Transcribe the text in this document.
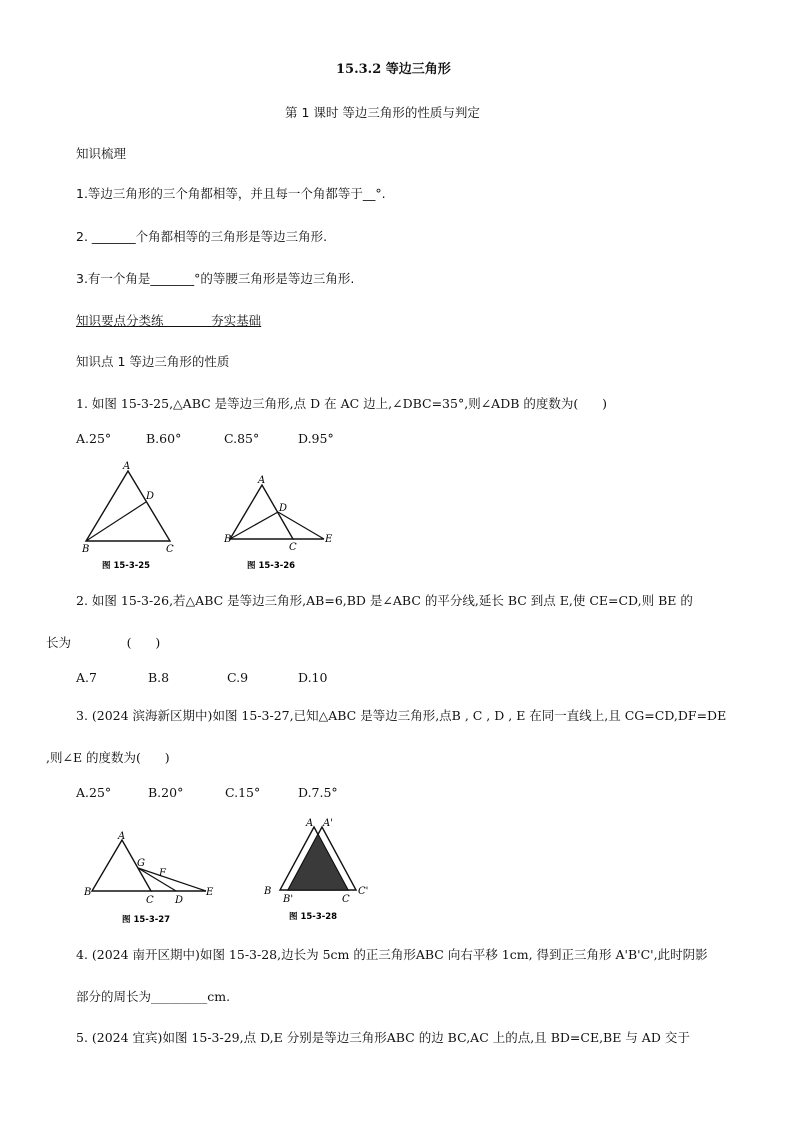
15.3.2 等边三角形
第 1 课时 等边三角形的性质与判定
知识梳理
1.等边三角形的三个角都相等，并且每一个角都等于__°.
2. _______个角都相等的三角形是等边三角形.
3.有一个角是_______°的等腰三角形是等边三角形.
知识要点分类练            夯实基础
知识点 1 等边三角形的性质
1. 如图 15-3-25,△ABC 是等边三角形,点 D 在 AC 边上,∠DBC=35°,则∠ADB 的度数为(      )
A.25°	B.60°	C.85°	D.95°
A
D
B	C
图 15-3-25
A
D
B
C
E
图 15-3-26
2. 如图 15-3-26,若△ABC 是等边三角形,AB=6,BD 是∠ABC 的平分线,延长 BC 到点 E,使 CE=CD,则 BE 的
长为              (      )
A.7	B.8	C.9	D.10
3. (2024 滨海新区期中)如图 15-3-27,已知△ABC 是等边三角形,点B , C , D , E 在同一直线上,且 CG=CD,DF=DE
,则∠E 的度数为(      )
A.25°	B.20°	C.15°	D.7.5°
A
G
F
B
C D
E
图 15-3-27
A A'
B
B'	C
C'
图 15-3-28
4. (2024 南开区期中)如图 15-3-28,边长为 5cm 的正三角形ABC 向右平移 1cm, 得到正三角形 A'B'C',此时阴影
部分的周长为_________cm.
5. (2024 宜宾)如图 15-3-29,点 D,E 分别是等边三角形ABC 的边 BC,AC 上的点,且 BD=CE,BE 与 AD 交于
